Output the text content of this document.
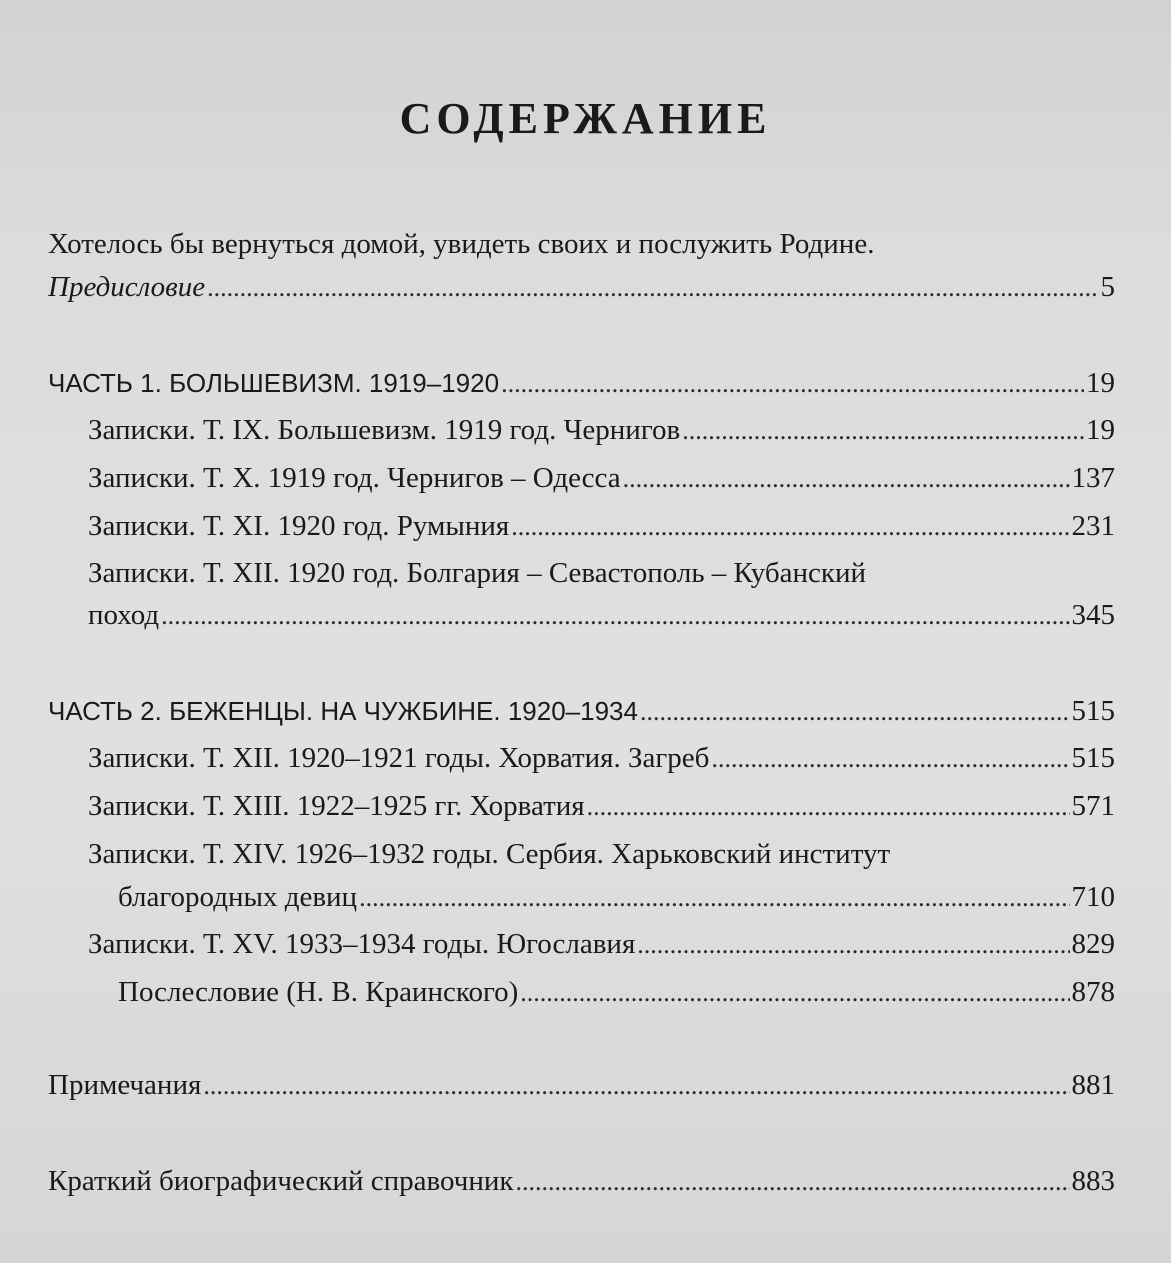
СОДЕРЖАНИЕ
Хотелось бы вернуться домой, увидеть своих и послужить Родине.
Предисловие .....	5
ЧАСТЬ 1. БОЛЬШЕВИЗМ. 1919–1920 .....	19
Записки. Т. IX. Большевизм. 1919 год. Чернигов .....	19
Записки. Т. X. 1919 год. Чернигов – Одесса .....	137
Записки. Т. XI. 1920 год. Румыния .....	231
Записки. Т. XII. 1920 год. Болгария – Севастополь – Кубанский
поход .....	345
ЧАСТЬ 2. БЕЖЕНЦЫ. НА ЧУЖБИНЕ. 1920–1934 .....	515
Записки. Т. XII. 1920–1921 годы. Хорватия. Загреб .....	515
Записки. Т. XIII. 1922–1925 гг. Хорватия .....	571
Записки. Т. XIV. 1926–1932 годы. Сербия. Харьковский институт
благородных девиц .....	710
Записки. Т. XV. 1933–1934 годы. Югославия .....	829
Послесловие (Н. В. Краинского) .....	878
Примечания .....	881
Краткий биографический справочник .....	883
